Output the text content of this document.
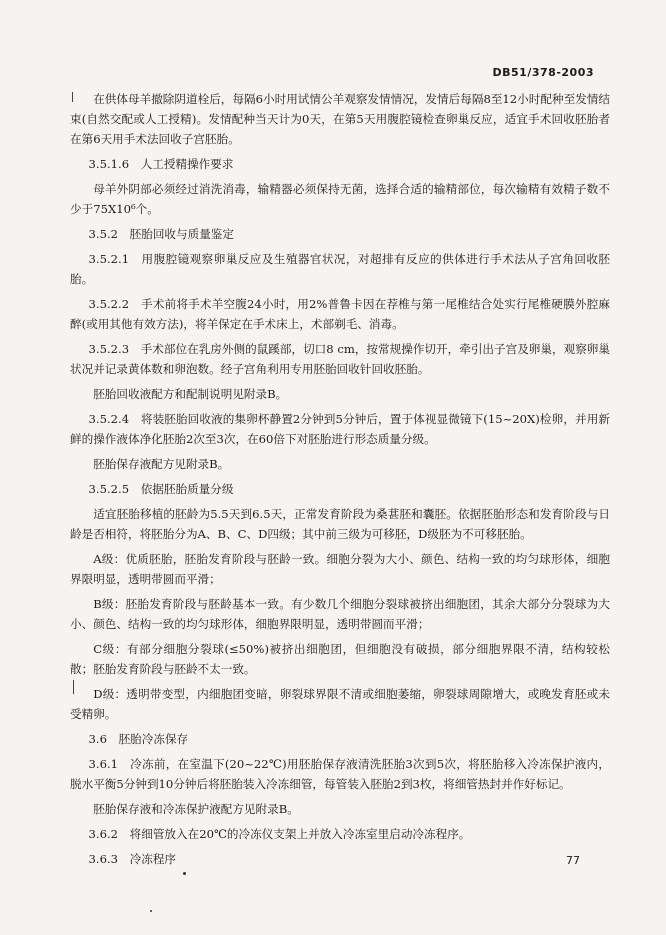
DB51/378-2003

在供体母羊撤除阴道栓后，每隔6小时用试情公羊观察发情情况，发情后每隔8至12小时配种至发情结束(自然交配或人工授精)。发情配种当天计为0天，在第5天用腹腔镜检查卵巢反应，适宜手术回收胚胎者在第6天用手术法回收子宫胚胎。

3.5.1.6　人工授精操作要求

母羊外阴部必须经过消洗消毒，输精器必须保持无菌，选择合适的输精部位，每次输精有效精子数不少于75X10⁶个。

3.5.2　胚胎回收与质量鉴定

3.5.2.1　用腹腔镜观察卵巢反应及生殖器官状况，对超排有反应的供体进行手术法从子宫角回收胚胎。

3.5.2.2　手术前将手术羊空腹24小时，用2%普鲁卡因在荐椎与第一尾椎结合处实行尾椎硬膜外腔麻醉(或用其他有效方法)，将羊保定在手术床上，术部剃毛、消毒。

3.5.2.3　手术部位在乳房外侧的鼠蹊部，切口8 cm，按常规操作切开，牵引出子宫及卵巢，观察卵巢状况并记录黄体数和卵泡数。经子宫角利用专用胚胎回收针回收胚胎。

胚胎回收液配方和配制说明见附录B。

3.5.2.4　将装胚胎回收液的集卵杯静置2分钟到5分钟后，置于体视显微镜下(15~20X)检卵，并用新鲜的操作液体净化胚胎2次至3次，在60倍下对胚胎进行形态质量分级。

胚胎保存液配方见附录B。

3.5.2.5　依据胚胎质量分级

适宜胚胎移植的胚龄为5.5天到6.5天，正常发育阶段为桑葚胚和囊胚。依据胚胎形态和发育阶段与日龄是否相符，将胚胎分为A、B、C、D四级；其中前三级为可移胚，D级胚为不可移胚胎。

A级：优质胚胎，胚胎发育阶段与胚龄一致。细胞分裂为大小、颜色、结构一致的均匀球形体，细胞界限明显，透明带圆而平滑；

B级：胚胎发育阶段与胚龄基本一致。有少数几个细胞分裂球被挤出细胞团，其余大部分分裂球为大小、颜色、结构一致的均匀球形体，细胞界限明显，透明带圆而平滑；

C级：有部分细胞分裂球(≤50%)被挤出细胞团，但细胞没有破损，部分细胞界限不清，结构较松散；胚胎发育阶段与胚龄不太一致。

D级：透明带变型，内细胞团变暗，卵裂球界限不清或细胞萎缩，卵裂球周隙增大，或晚发育胚或未受精卵。

3.6　胚胎冷冻保存

3.6.1　冷冻前，在室温下(20~22℃)用胚胎保存液清洗胚胎3次到5次，将胚胎移入冷冻保护液内，脱水平衡5分钟到10分钟后将胚胎装入冷冻细管，每管装入胚胎2到3枚，将细管热封并作好标记。

胚胎保存液和冷冻保护液配方见附录B。

3.6.2　将细管放入在20℃的冷冻仪支架上并放入冷冻室里启动冷冻程序。

3.6.3　冷冻程序	77
